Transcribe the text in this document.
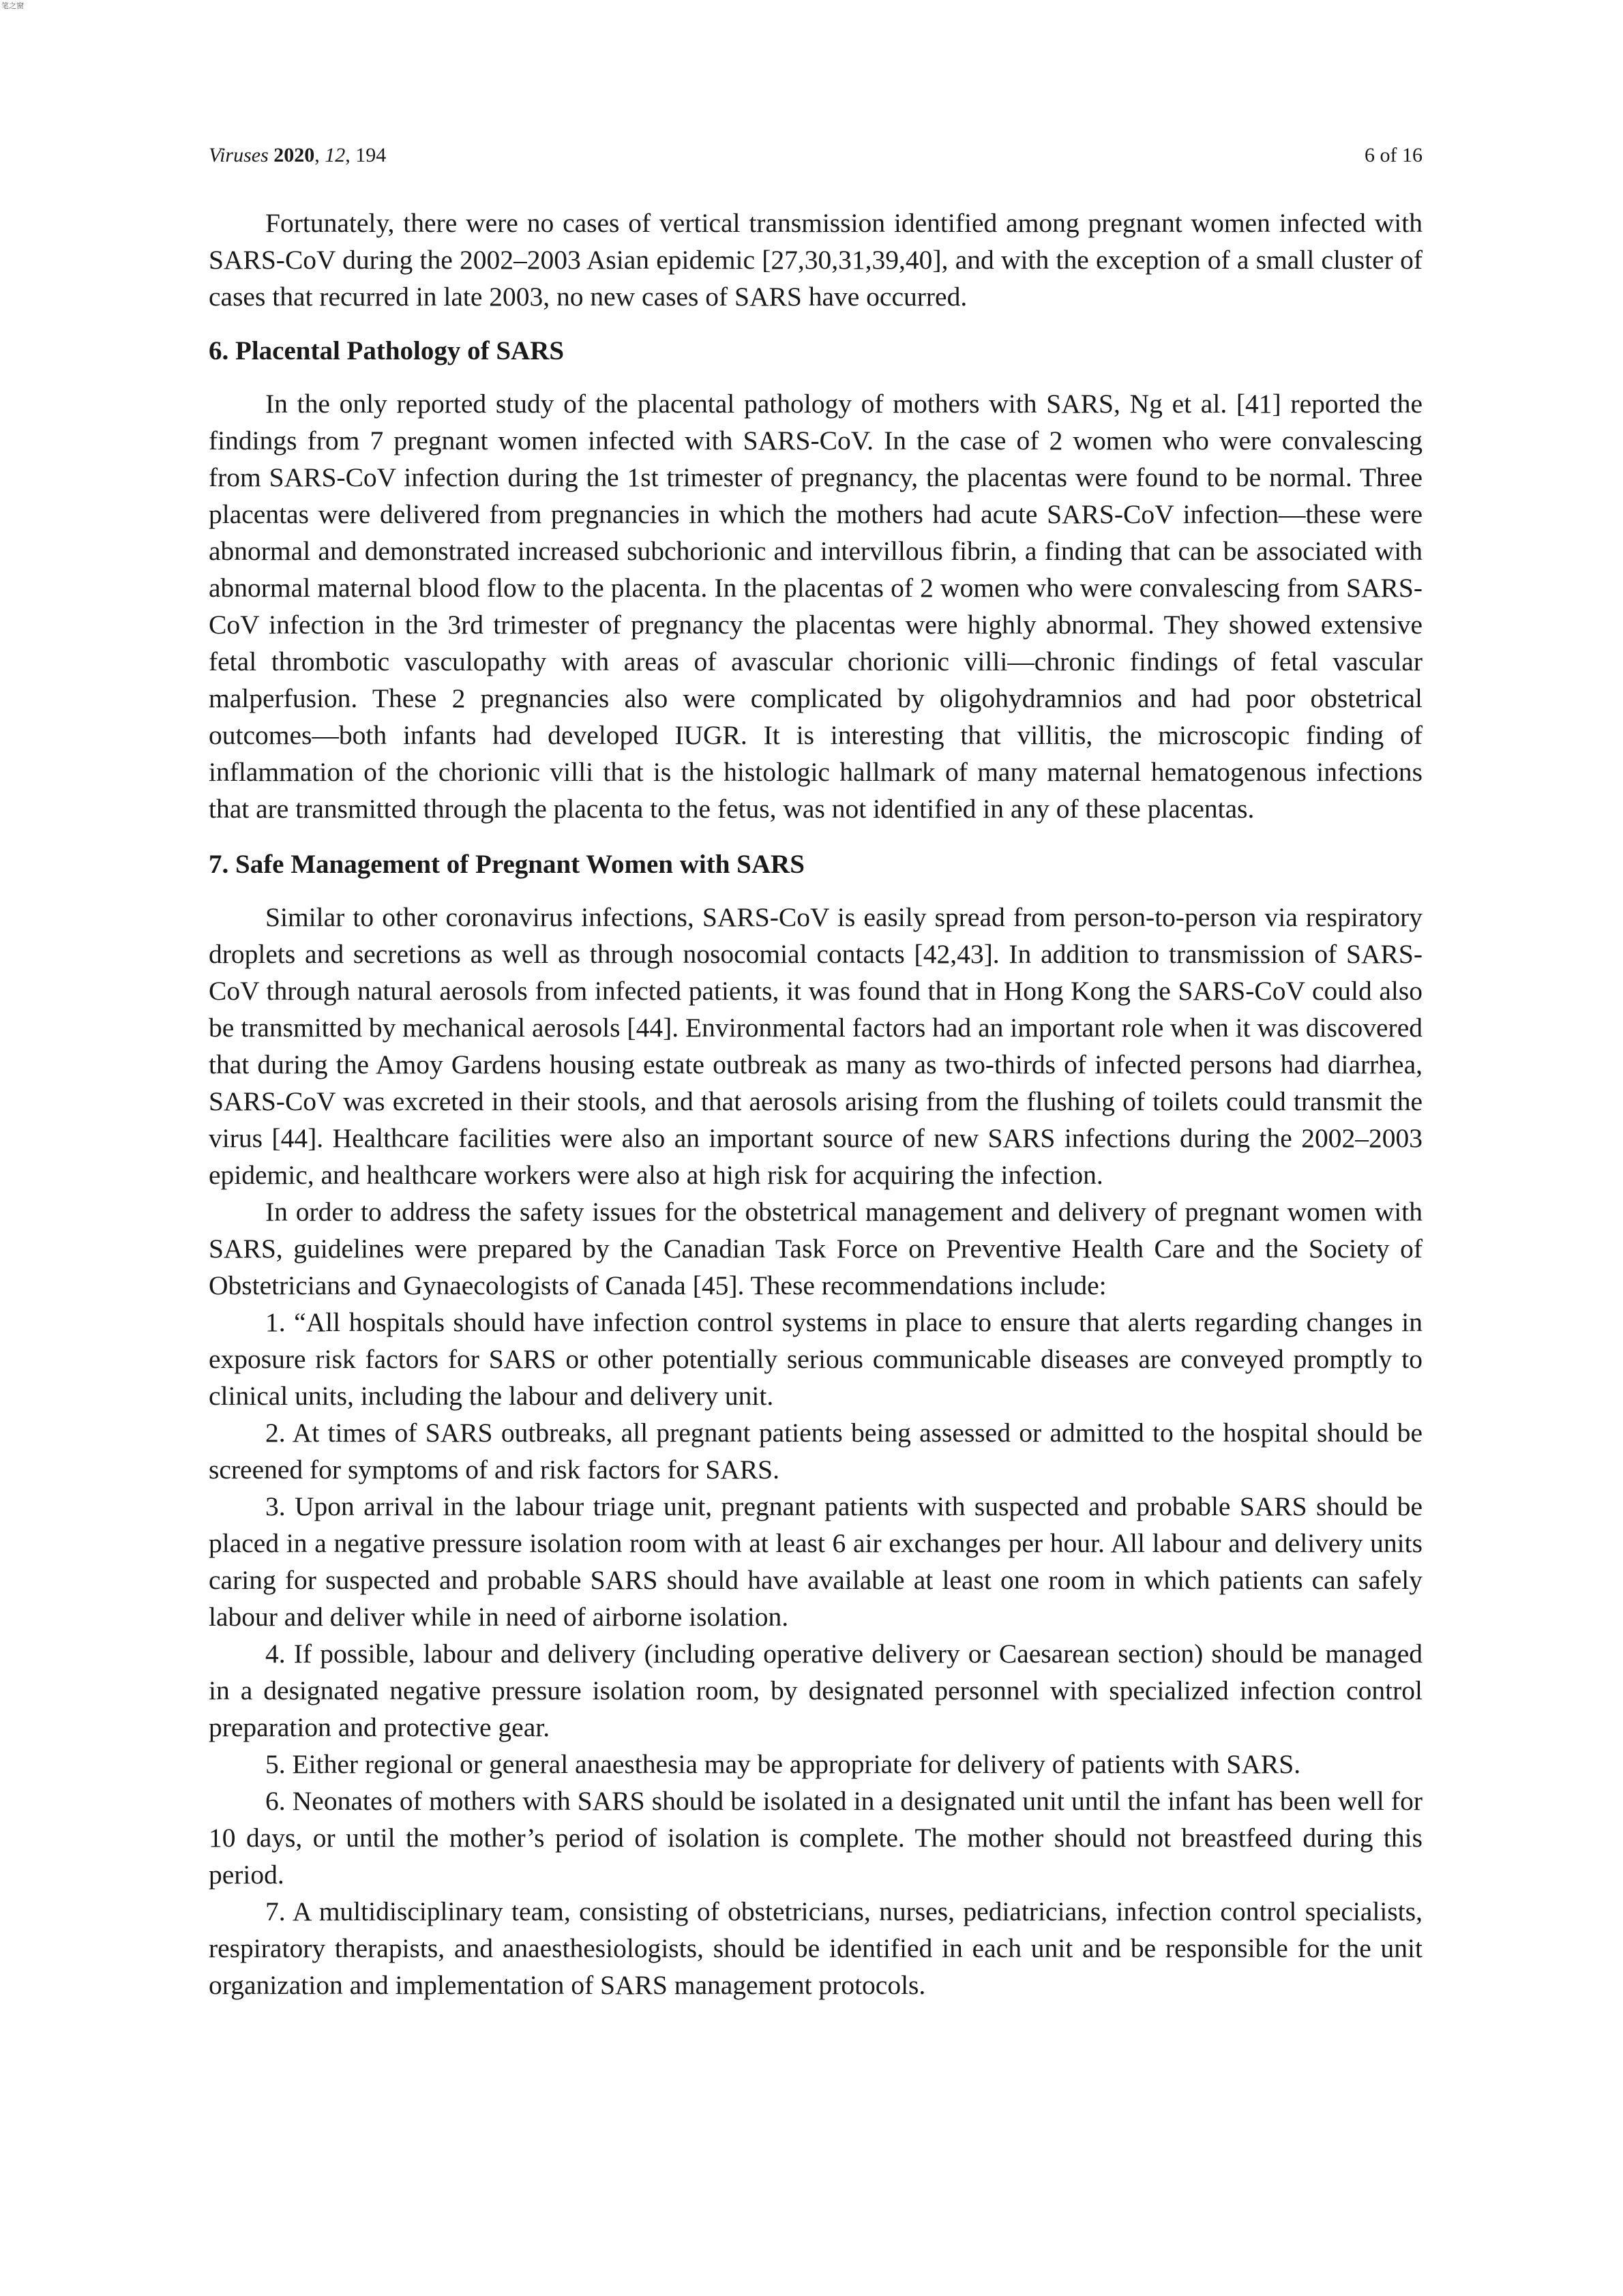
笔之窗
Viruses 2020, 12, 194	6 of 16

Fortunately, there were no cases of vertical transmission identified among pregnant women infected with SARS-CoV during the 2002–2003 Asian epidemic [27,30,31,39,40], and with the exception of a small cluster of cases that recurred in late 2003, no new cases of SARS have occurred.

6. Placental Pathology of SARS

In the only reported study of the placental pathology of mothers with SARS, Ng et al. [41] reported the findings from 7 pregnant women infected with SARS-CoV. In the case of 2 women who were convalescing from SARS-CoV infection during the 1st trimester of pregnancy, the placentas were found to be normal. Three placentas were delivered from pregnancies in which the mothers had acute SARS-CoV infection—these were abnormal and demonstrated increased subchorionic and intervillous fibrin, a finding that can be associated with abnormal maternal blood flow to the placenta. In the placentas of 2 women who were convalescing from SARS-CoV infection in the 3rd trimester of pregnancy the placentas were highly abnormal. They showed extensive fetal thrombotic vasculopathy with areas of avascular chorionic villi—chronic findings of fetal vascular malperfusion. These 2 pregnancies also were complicated by oligohydramnios and had poor obstetrical outcomes—both infants had developed IUGR. It is interesting that villitis, the microscopic finding of inflammation of the chorionic villi that is the histologic hallmark of many maternal hematogenous infections that are transmitted through the placenta to the fetus, was not identified in any of these placentas.

7. Safe Management of Pregnant Women with SARS

Similar to other coronavirus infections, SARS-CoV is easily spread from person-to-person via respiratory droplets and secretions as well as through nosocomial contacts [42,43]. In addition to transmission of SARS-CoV through natural aerosols from infected patients, it was found that in Hong Kong the SARS-CoV could also be transmitted by mechanical aerosols [44]. Environmental factors had an important role when it was discovered that during the Amoy Gardens housing estate outbreak as many as two-thirds of infected persons had diarrhea, SARS-CoV was excreted in their stools, and that aerosols arising from the flushing of toilets could transmit the virus [44]. Healthcare facilities were also an important source of new SARS infections during the 2002–2003 epidemic, and healthcare workers were also at high risk for acquiring the infection.

In order to address the safety issues for the obstetrical management and delivery of pregnant women with SARS, guidelines were prepared by the Canadian Task Force on Preventive Health Care and the Society of Obstetricians and Gynaecologists of Canada [45]. These recommendations include:

1. “All hospitals should have infection control systems in place to ensure that alerts regarding changes in exposure risk factors for SARS or other potentially serious communicable diseases are conveyed promptly to clinical units, including the labour and delivery unit.

2. At times of SARS outbreaks, all pregnant patients being assessed or admitted to the hospital should be screened for symptoms of and risk factors for SARS.

3. Upon arrival in the labour triage unit, pregnant patients with suspected and probable SARS should be placed in a negative pressure isolation room with at least 6 air exchanges per hour. All labour and delivery units caring for suspected and probable SARS should have available at least one room in which patients can safely labour and deliver while in need of airborne isolation.

4. If possible, labour and delivery (including operative delivery or Caesarean section) should be managed in a designated negative pressure isolation room, by designated personnel with specialized infection control preparation and protective gear.

5. Either regional or general anaesthesia may be appropriate for delivery of patients with SARS.

6. Neonates of mothers with SARS should be isolated in a designated unit until the infant has been well for 10 days, or until the mother’s period of isolation is complete. The mother should not breastfeed during this period.

7. A multidisciplinary team, consisting of obstetricians, nurses, pediatricians, infection control specialists, respiratory therapists, and anaesthesiologists, should be identified in each unit and be responsible for the unit organization and implementation of SARS management protocols.
